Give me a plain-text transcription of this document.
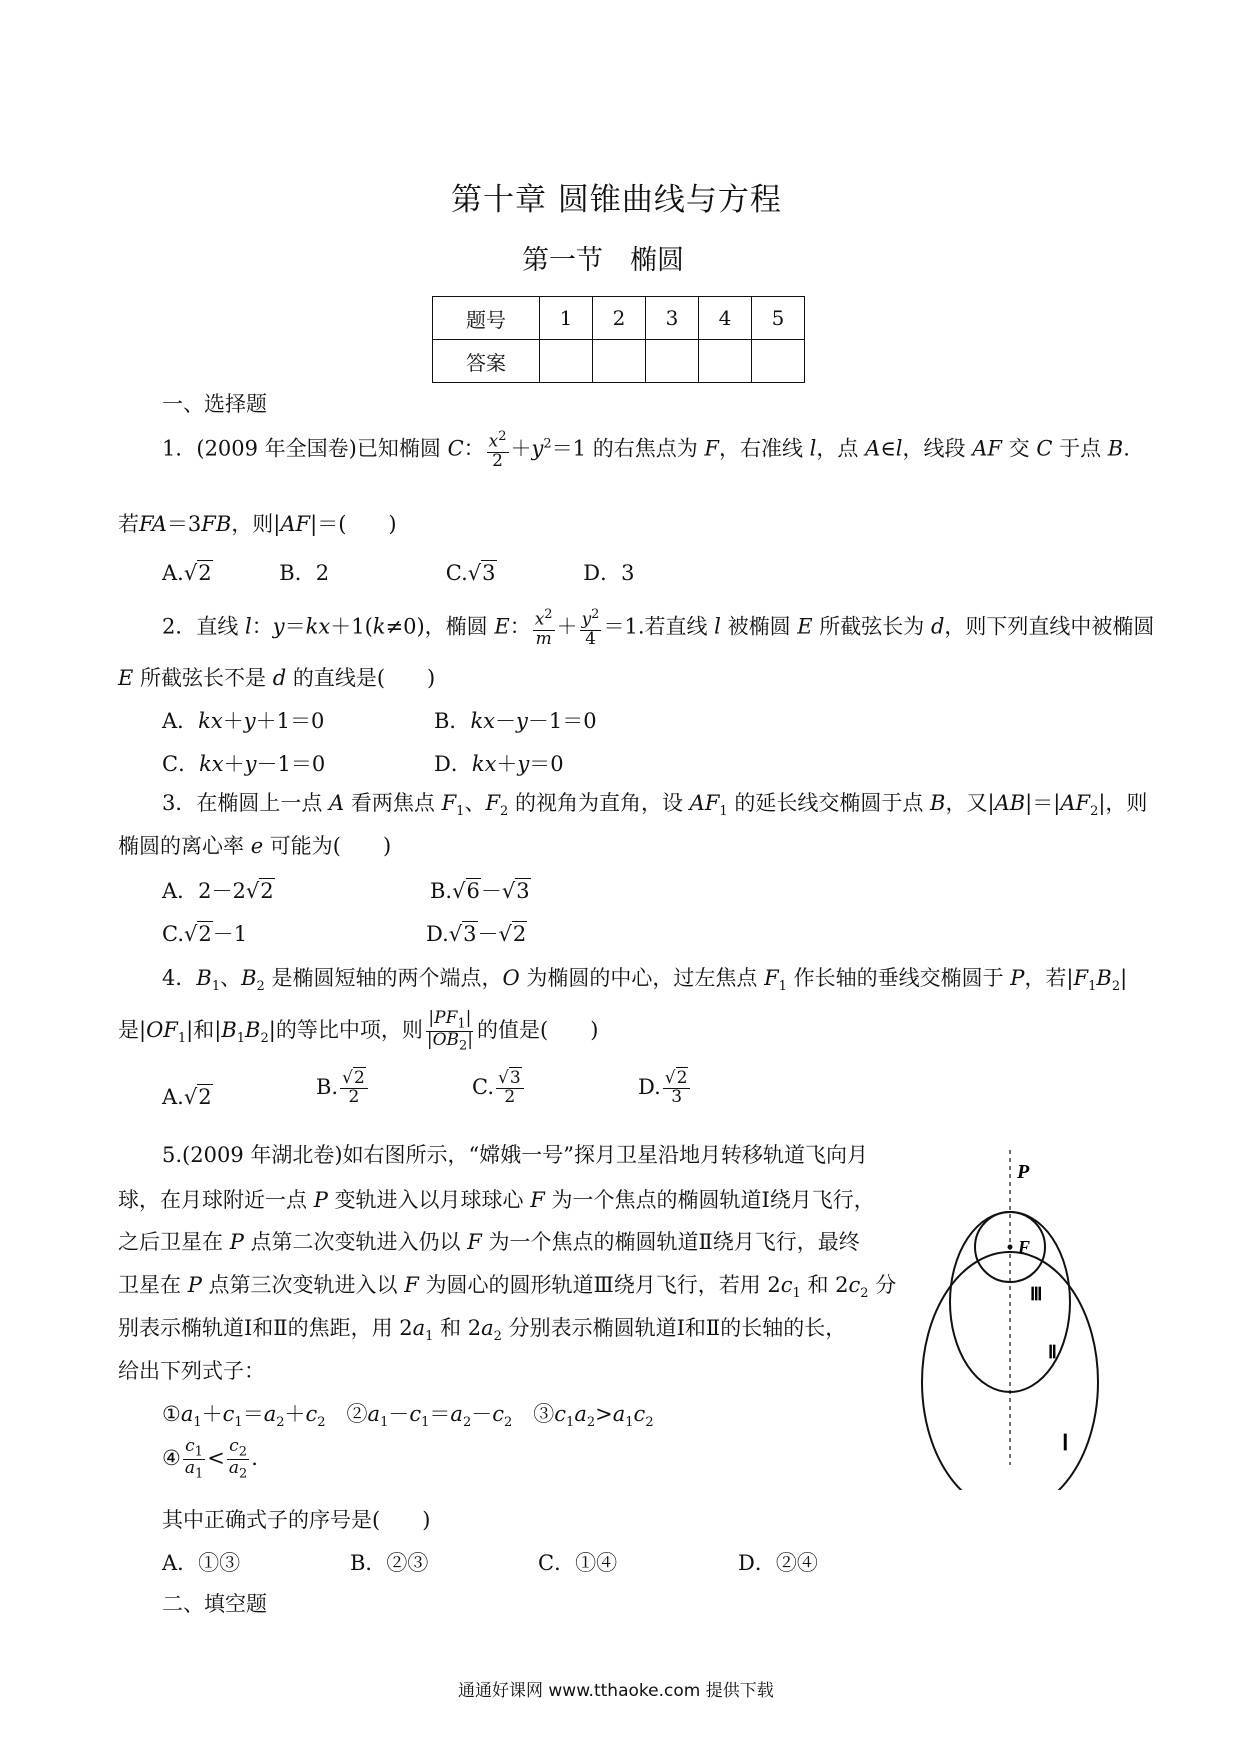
第十章 圆锥曲线与方程
第一节　椭圆
题号	1	2	3	4	5
答案					
一、选择题
1．(2009 年全国卷)已知椭圆 C： $\frac{x^2}{2} +y^2=1$ 的右焦点为 F，右准线 l，点 A∈l，线段 AF 交 C 于点 B.
若FA＝3FB，则|AF|＝(　　)
A.√2	B．2	C.√3	D．3
2．直线 l：y＝kx＋1(k≠0)，椭圆 E： $\frac{x^2}{m} + \frac{y^2}{4} =1$.若直线 l 被椭圆 E 所截弦长为 d，则下列直线中被椭圆
E 所截弦长不是 d 的直线是(　　)
A．kx＋y＋1＝0	B．kx－y－1＝0
C．kx＋y－1＝0	D．kx＋y＝0
3．在椭圆上一点 A 看两焦点 $F_1$、$F_2$ 的视角为直角，设 $AF_1$ 的延长线交椭圆于点 B，又$|AB|=|AF_2|$，则
椭圆的离心率 e 可能为(　　)
A．2－2√2	B.√6－√3
C.√2－1	D.√3－√2
4．$B_1$、$B_2$ 是椭圆短轴的两个端点，O 为椭圆的中心，过左焦点 $F_1$ 作长轴的垂线交椭圆于 P，若$|F_1B_2|$
是$|OF_1|$和$|B_1B_2|$的等比中项，则 $\frac{|PF_1|}{|OB_2|}$ 的值是(　　)
A.√2	B. $\frac{√2}{2}$	C. $\frac{√3}{2}$	D. $\frac{√2}{3}$
5.(2009 年湖北卷)如右图所示，“嫦娥一号”探月卫星沿地月转移轨道飞向月
球，在月球附近一点 P 变轨进入以月球球心 F 为一个焦点的椭圆轨道Ⅰ绕月飞行，
之后卫星在 P 点第二次变轨进入仍以 F 为一个焦点的椭圆轨道Ⅱ绕月飞行，最终
卫星在 P 点第三次变轨进入以 F 为圆心的圆形轨道Ⅲ绕月飞行，若用 $2c_1$ 和 $2c_2$ 分
别表示椭轨道Ⅰ和Ⅱ的焦距，用 $2a_1$ 和 $2a_2$ 分别表示椭圆轨道Ⅰ和Ⅱ的长轴的长，
给出下列式子：
$①a_1+c_1=a_2+c_2$　$②a_1-c_1=a_2-c_2$　$③c_1a_2>a_1c_2$
④ $\frac{c_1}{a_1} < \frac{c_2}{a_2}$ .
其中正确式子的序号是(　　)
A．①③	B．②③	C．①④	D．②④
二、填空题
P
F
Ⅲ
Ⅱ
Ⅰ
通通好课网 www.tthaoke.com 提供下载
